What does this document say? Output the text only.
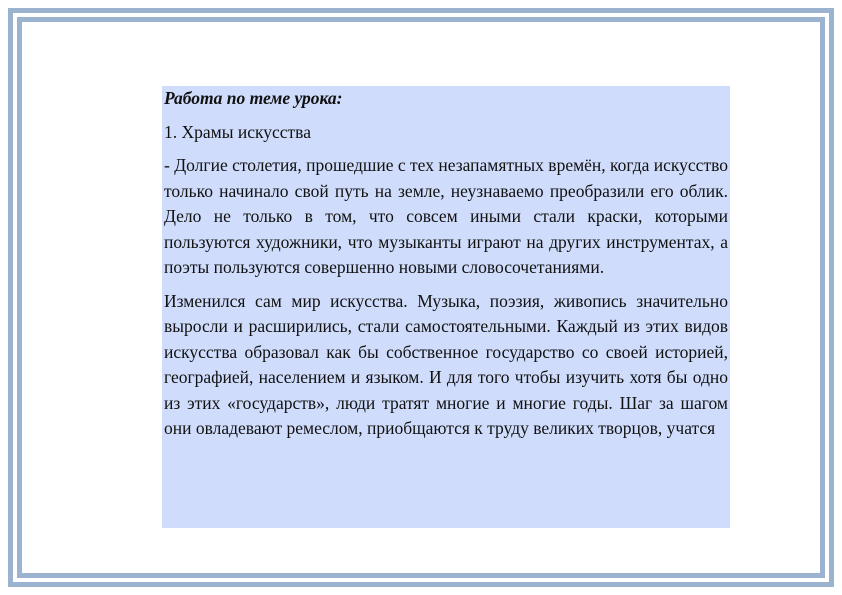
Работа по теме урока:

1. Храмы искусства

- Долгие столетия, прошедшие с тех незапамятных времён, когда искусство только начинало свой путь на земле, неузнаваемо преобразили его облик. Дело не только в том, что совсем иными стали краски, которыми пользуются художники, что музыканты играют на других инструментах, а поэты пользуются совершенно новыми словосочетаниями.

Изменился сам мир искусства. Музыка, поэзия, живопись значительно выросли и расширились, стали самостоятельными. Каждый из этих видов искусства образовал как бы собственное государство со своей историей, географией, населением и языком. И для того чтобы изучить хотя бы одно из этих «государств», люди тратят многие и многие годы. Шаг за шагом они овладевают ремеслом, приобщаются к труду великих творцов, учатся
